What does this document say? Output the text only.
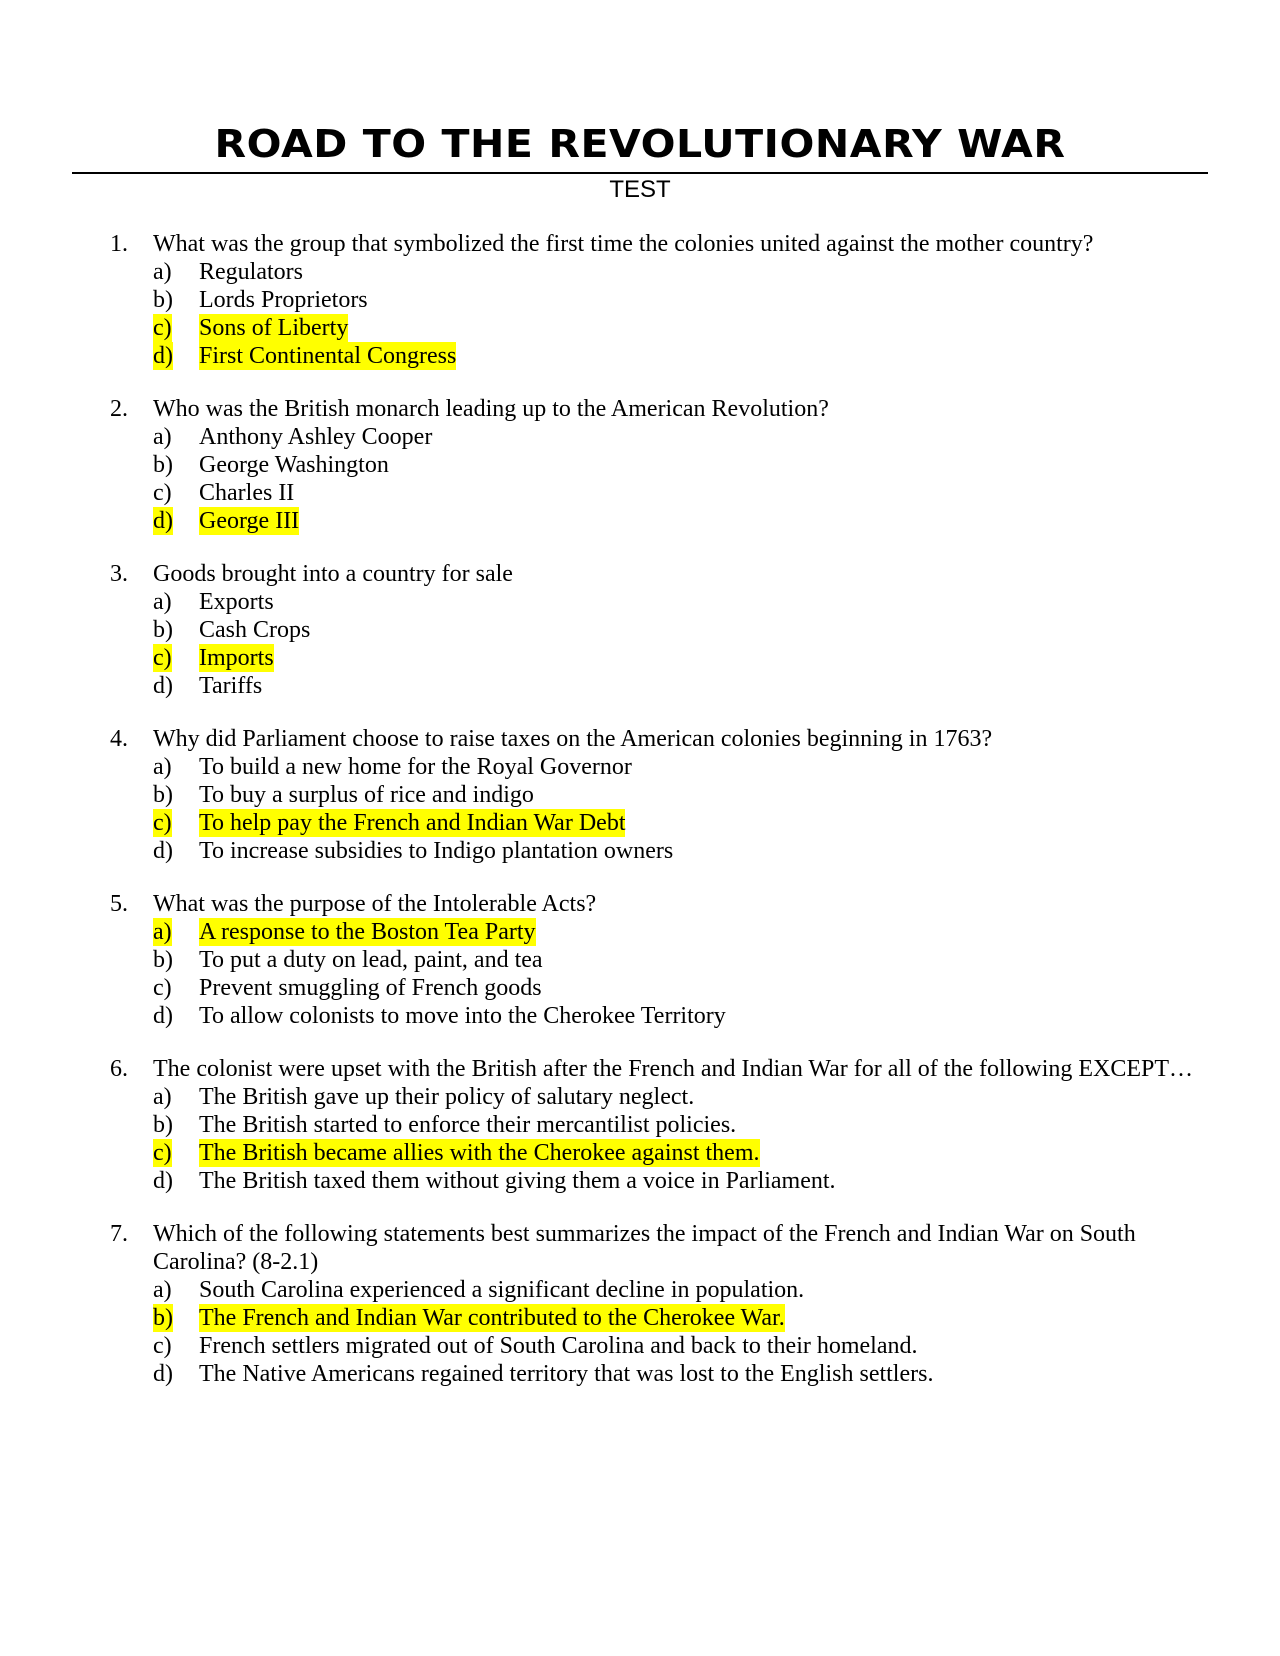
ROAD TO THE REVOLUTIONARY WAR
TEST
1. What was the group that symbolized the first time the colonies united against the mother country?
a) Regulators
b) Lords Proprietors
c) Sons of Liberty
d) First Continental Congress
2. Who was the British monarch leading up to the American Revolution?
a) Anthony Ashley Cooper
b) George Washington
c) Charles II
d) George III
3. Goods brought into a country for sale
a) Exports
b) Cash Crops
c) Imports
d) Tariffs
4. Why did Parliament choose to raise taxes on the American colonies beginning in 1763?
a) To build a new home for the Royal Governor
b) To buy a surplus of rice and indigo
c) To help pay the French and Indian War Debt
d) To increase subsidies to Indigo plantation owners
5. What was the purpose of the Intolerable Acts?
a) A response to the Boston Tea Party
b) To put a duty on lead, paint, and tea
c) Prevent smuggling of French goods
d) To allow colonists to move into the Cherokee Territory
6. The colonist were upset with the British after the French and Indian War for all of the following EXCEPT…
a) The British gave up their policy of salutary neglect.
b) The British started to enforce their mercantilist policies.
c) The British became allies with the Cherokee against them.
d) The British taxed them without giving them a voice in Parliament.
7. Which of the following statements best summarizes the impact of the French and Indian War on South Carolina? (8-2.1)
a) South Carolina experienced a significant decline in population.
b) The French and Indian War contributed to the Cherokee War.
c) French settlers migrated out of South Carolina and back to their homeland.
d) The Native Americans regained territory that was lost to the English settlers.
